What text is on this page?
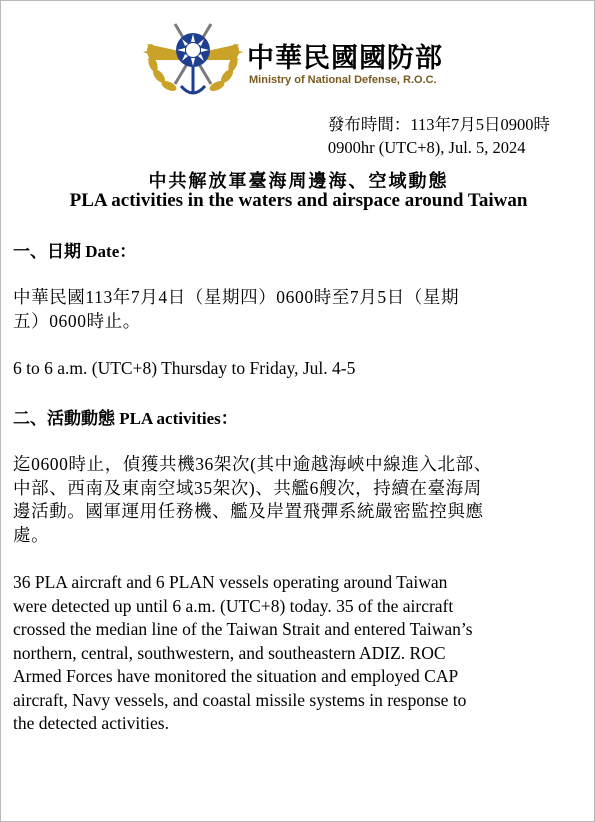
中華民國國防部
Ministry of National Defense, R.O.C.
發布時間：113年7月5日0900時
0900hr (UTC+8), Jul. 5, 2024
中共解放軍臺海周邊海、空域動態
PLA activities in the waters and airspace around Taiwan
一、日期 Date：
中華民國113年7月4日（星期四）0600時至7月5日（星期
五）0600時止。
6 to 6 a.m. (UTC+8) Thursday to Friday, Jul. 4-5
二、活動動態 PLA activities：
迄0600時止，偵獲共機36架次(其中逾越海峽中線進入北部、
中部、西南及東南空域35架次)、共艦6艘次，持續在臺海周
邊活動。國軍運用任務機、艦及岸置飛彈系統嚴密監控與應
處。
36 PLA aircraft and 6 PLAN vessels operating around Taiwan
were detected up until 6 a.m. (UTC+8) today. 35 of the aircraft
crossed the median line of the Taiwan Strait and entered Taiwan’s
northern, central, southwestern, and southeastern ADIZ. ROC
Armed Forces have monitored the situation and employed CAP
aircraft, Navy vessels, and coastal missile systems in response to
the detected activities.
